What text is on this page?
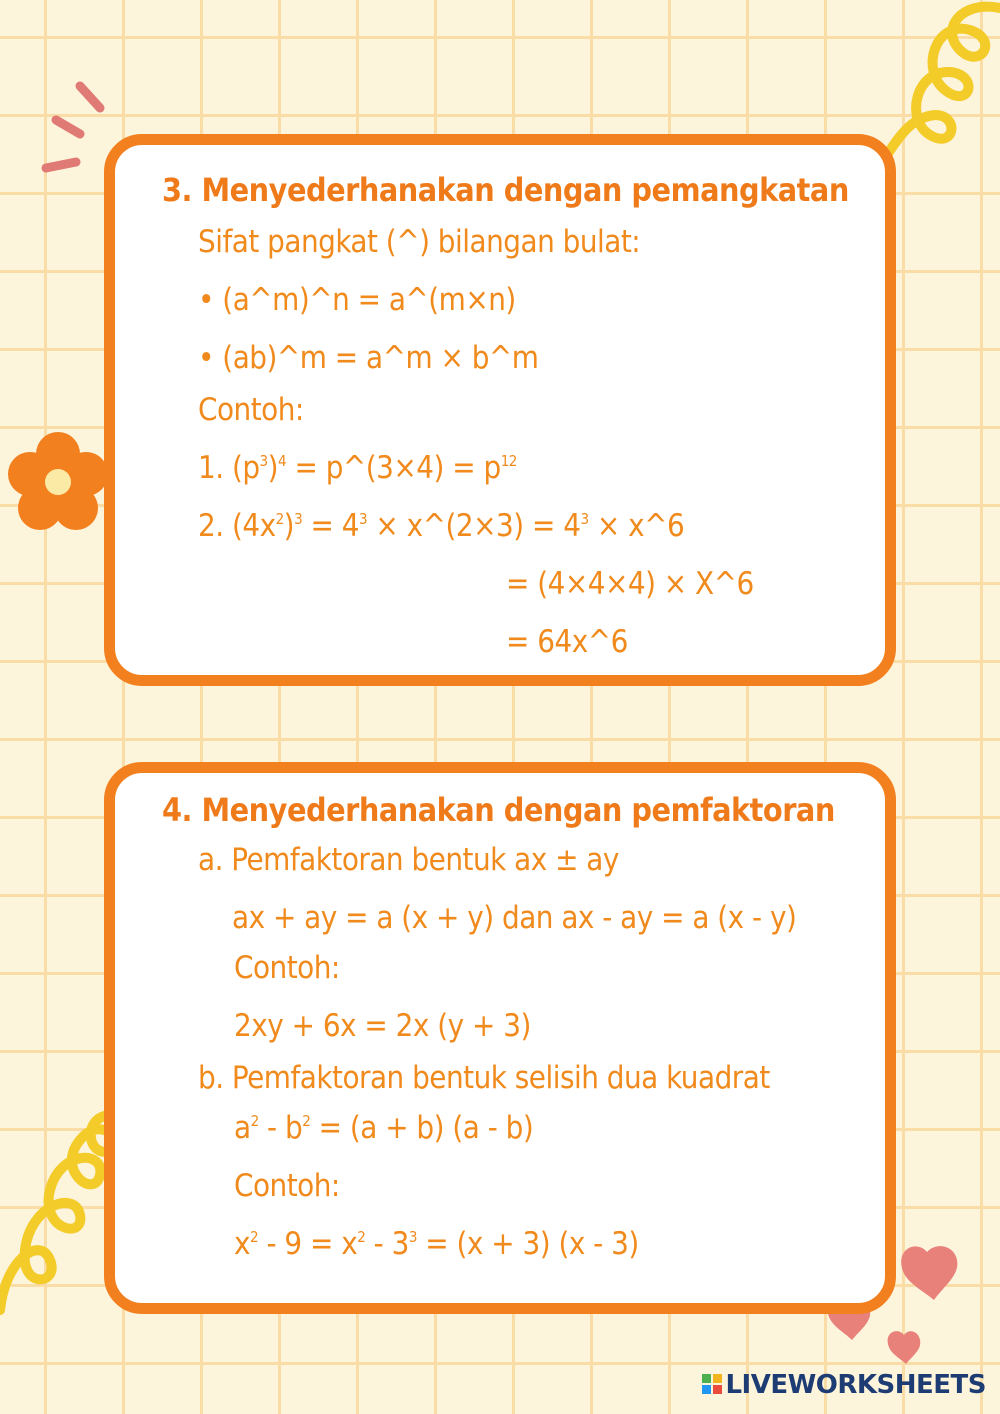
3. Menyederhanakan dengan pemangkatan
Sifat pangkat (^) bilangan bulat:
• (a^m)^n = a^(m×n)
• (ab)^m = a^m × b^m
Contoh:
1. $(p^3)^4$ = p^(3×4) = $p^{12}$
2. $(4x^2)^3 = 4^3$ × x^(2×3) = $4^3$ × x^6
= (4×4×4) × X^6
= 64x^6
4. Menyederhanakan dengan pemfaktoran
a. Pemfaktoran bentuk ax ± ay
ax + ay = a (x + y) dan ax - ay = a (x - y)
Contoh:
2xy + 6x = 2x (y + 3)
b. Pemfaktoran bentuk selisih dua kuadrat
$a^2 - b^2 = (a + b)$ (a - b)
Contoh:
$x^2 - 9 = x^2 - 3^3 = (x + 3)$ (x - 3)
LIVEWORKSHEETS
